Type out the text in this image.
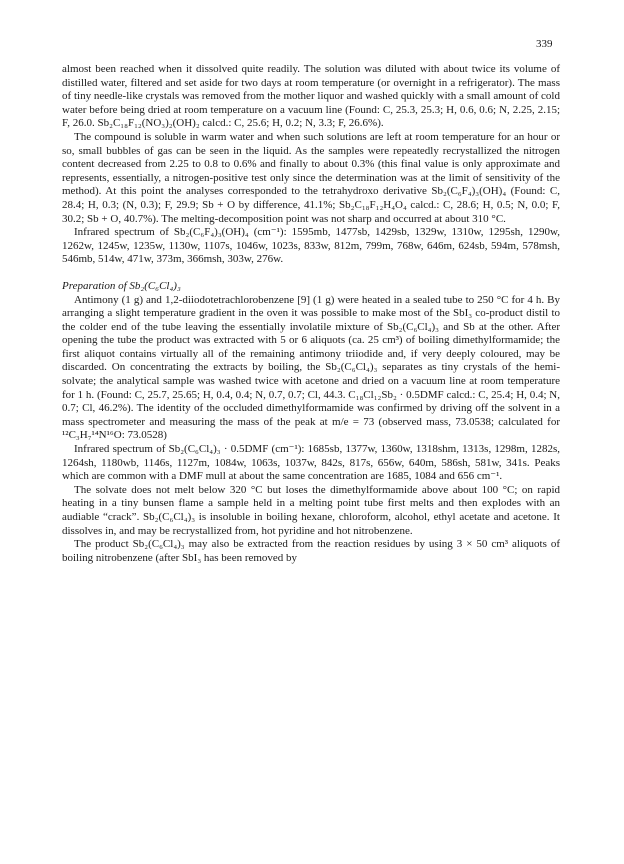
339

almost been reached when it dissolved quite readily. The solution was diluted with about twice its volume of distilled water, filtered and set aside for two days at room temperature (or overnight in a refrigerator). The mass of tiny needle-like crystals was removed from the mother liquor and washed quickly with a small amount of cold water before being dried at room temperature on a vacuum line (Found: C, 25.3, 25.3; H, 0.6, 0.6; N, 2.25, 2.15; F, 26.0. Sb₂C₁₈F₁₂(NO₃)₂(OH)₂ calcd.: C, 25.6; H, 0.2; N, 3.3; F, 26.6%).

The compound is soluble in warm water and when such solutions are left at room temperature for an hour or so, small bubbles of gas can be seen in the liquid. As the samples were repeatedly recrystallized the nitrogen content decreased from 2.25 to 0.8 to 0.6% and finally to about 0.3% (this final value is only approximate and represents, essentially, a nitrogen-positive test only since the determination was at the limit of sensitivity of the method). At this point the analyses corresponded to the tetrahydroxo derivative Sb₂(C₆F₄)₃(OH)₄ (Found: C, 28.4; H, 0.3; (N, 0.3); F, 29.9; Sb + O by difference, 41.1%; Sb₂C₁₈F₁₂H₄O₄ calcd.: C, 28.6; H, 0.5; N, 0.0; F, 30.2; Sb + O, 40.7%). The melting-decomposition point was not sharp and occurred at about 310 °C.

Infrared spectrum of Sb₂(C₆F₄)₃(OH)₄ (cm⁻¹): 1595mb, 1477sb, 1429sb, 1329w, 1310w, 1295sh, 1290w, 1262w, 1245w, 1235w, 1130w, 1107s, 1046w, 1023s, 833w, 812m, 799m, 768w, 646m, 624sb, 594m, 578msh, 546mb, 514w, 471w, 373m, 366msh, 303w, 276w.

Preparation of Sb₂(C₆Cl₄)₃

Antimony (1 g) and 1,2-diiodotetrachlorobenzene [9] (1 g) were heated in a sealed tube to 250 °C for 4 h. By arranging a slight temperature gradient in the oven it was possible to make most of the SbI₃ co-product distil to the colder end of the tube leaving the essentially involatile mixture of Sb₂(C₆Cl₄)₃ and Sb at the other. After opening the tube the product was extracted with 5 or 6 aliquots (ca. 25 cm³) of boiling dimethylformamide; the first aliquot contains virtually all of the remaining antimony triiodide and, if very deeply coloured, may be discarded. On concentrating the extracts by boiling, the Sb₂(C₆Cl₄)₃ separates as tiny crystals of the hemi-solvate; the analytical sample was washed twice with acetone and dried on a vacuum line at room temperature for 1 h. (Found: C, 25.7, 25.65; H, 0.4, 0.4; N, 0.7, 0.7; Cl, 44.3. C₁₈Cl₁₂Sb₂ · 0.5DMF calcd.: C, 25.4; H, 0.4; N, 0.7; Cl, 46.2%). The identity of the occluded dimethylformamide was confirmed by driving off the solvent in a mass spectrometer and measuring the mass of the peak at m/e = 73 (observed mass, 73.0538; calculated for ¹²C₃H₇¹⁴N¹⁶O: 73.0528)

Infrared spectrum of Sb₂(C₆Cl₄)₃ · 0.5DMF (cm⁻¹): 1685sb, 1377w, 1360w, 1318shm, 1313s, 1298m, 1282s, 1264sh, 1180wb, 1146s, 1127m, 1084w, 1063s, 1037w, 842s, 817s, 656w, 640m, 586sh, 581w, 341s. Peaks which are common with a DMF mull at about the same concentration are 1685, 1084 and 656 cm⁻¹.

The solvate does not melt below 320 °C but loses the dimethylformamide above about 100 °C; on rapid heating in a tiny bunsen flame a sample held in a melting point tube first melts and then explodes with an audiable “crack”. Sb₂(C₆Cl₄)₃ is insoluble in boiling hexane, chloroform, alcohol, ethyl acetate and acetone. It dissolves in, and may be recrystallized from, hot pyridine and hot nitrobenzene.

The product Sb₂(C₆Cl₄)₃ may also be extracted from the reaction residues by using 3 × 50 cm³ aliquots of boiling nitrobenzene (after SbI₃ has been removed by
